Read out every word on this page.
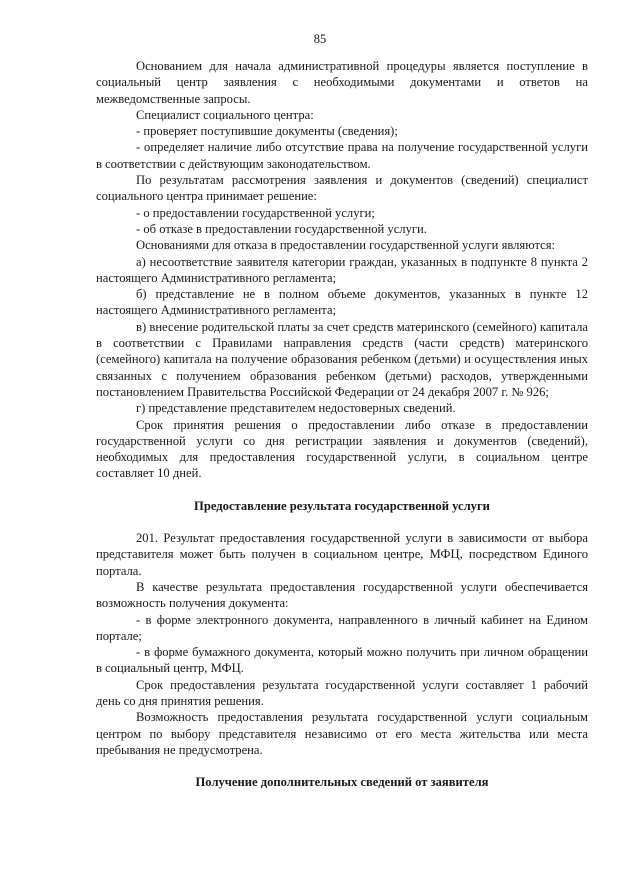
85

Основанием для начала административной процедуры является поступление в социальный центр заявления с необходимыми документами и ответов на межведомственные запросы.

Специалист социального центра:

- проверяет поступившие документы (сведения);

- определяет наличие либо отсутствие права на получение государственной услуги в соответствии с действующим законодательством.

По результатам рассмотрения заявления и документов (сведений) специалист социального центра принимает решение:

- о предоставлении государственной услуги;

- об отказе в предоставлении государственной услуги.

Основаниями для отказа в предоставлении государственной услуги являются:

а) несоответствие заявителя категории граждан, указанных в подпункте 8 пункта 2 настоящего Административного регламента;

б) представление не в полном объеме документов, указанных в пункте 12 настоящего Административного регламента;

в) внесение родительской платы за счет средств материнского (семейного) капитала в соответствии с Правилами направления средств (части средств) материнского (семейного) капитала на получение образования ребенком (детьми) и осуществления иных связанных с получением образования ребенком (детьми) расходов, утвержденными постановлением Правительства Российской Федерации от 24 декабря 2007 г. № 926;

г) представление представителем недостоверных сведений.

Срок принятия решения о предоставлении либо отказе в предоставлении государственной услуги со дня регистрации заявления и документов (сведений), необходимых для предоставления государственной услуги, в социальном центре составляет 10 дней.

Предоставление результата государственной услуги

201. Результат предоставления государственной услуги в зависимости от выбора представителя может быть получен в социальном центре, МФЦ, посредством Единого портала.

В качестве результата предоставления государственной услуги обеспечивается возможность получения документа:

- в форме электронного документа, направленного в личный кабинет на Едином портале;

- в форме бумажного документа, который можно получить при личном обращении в социальный центр, МФЦ.

Срок предоставления результата государственной услуги составляет 1 рабочий день со дня принятия решения.

Возможность предоставления результата государственной услуги социальным центром по выбору представителя независимо от его места жительства или места пребывания не предусмотрена.

Получение дополнительных сведений от заявителя
